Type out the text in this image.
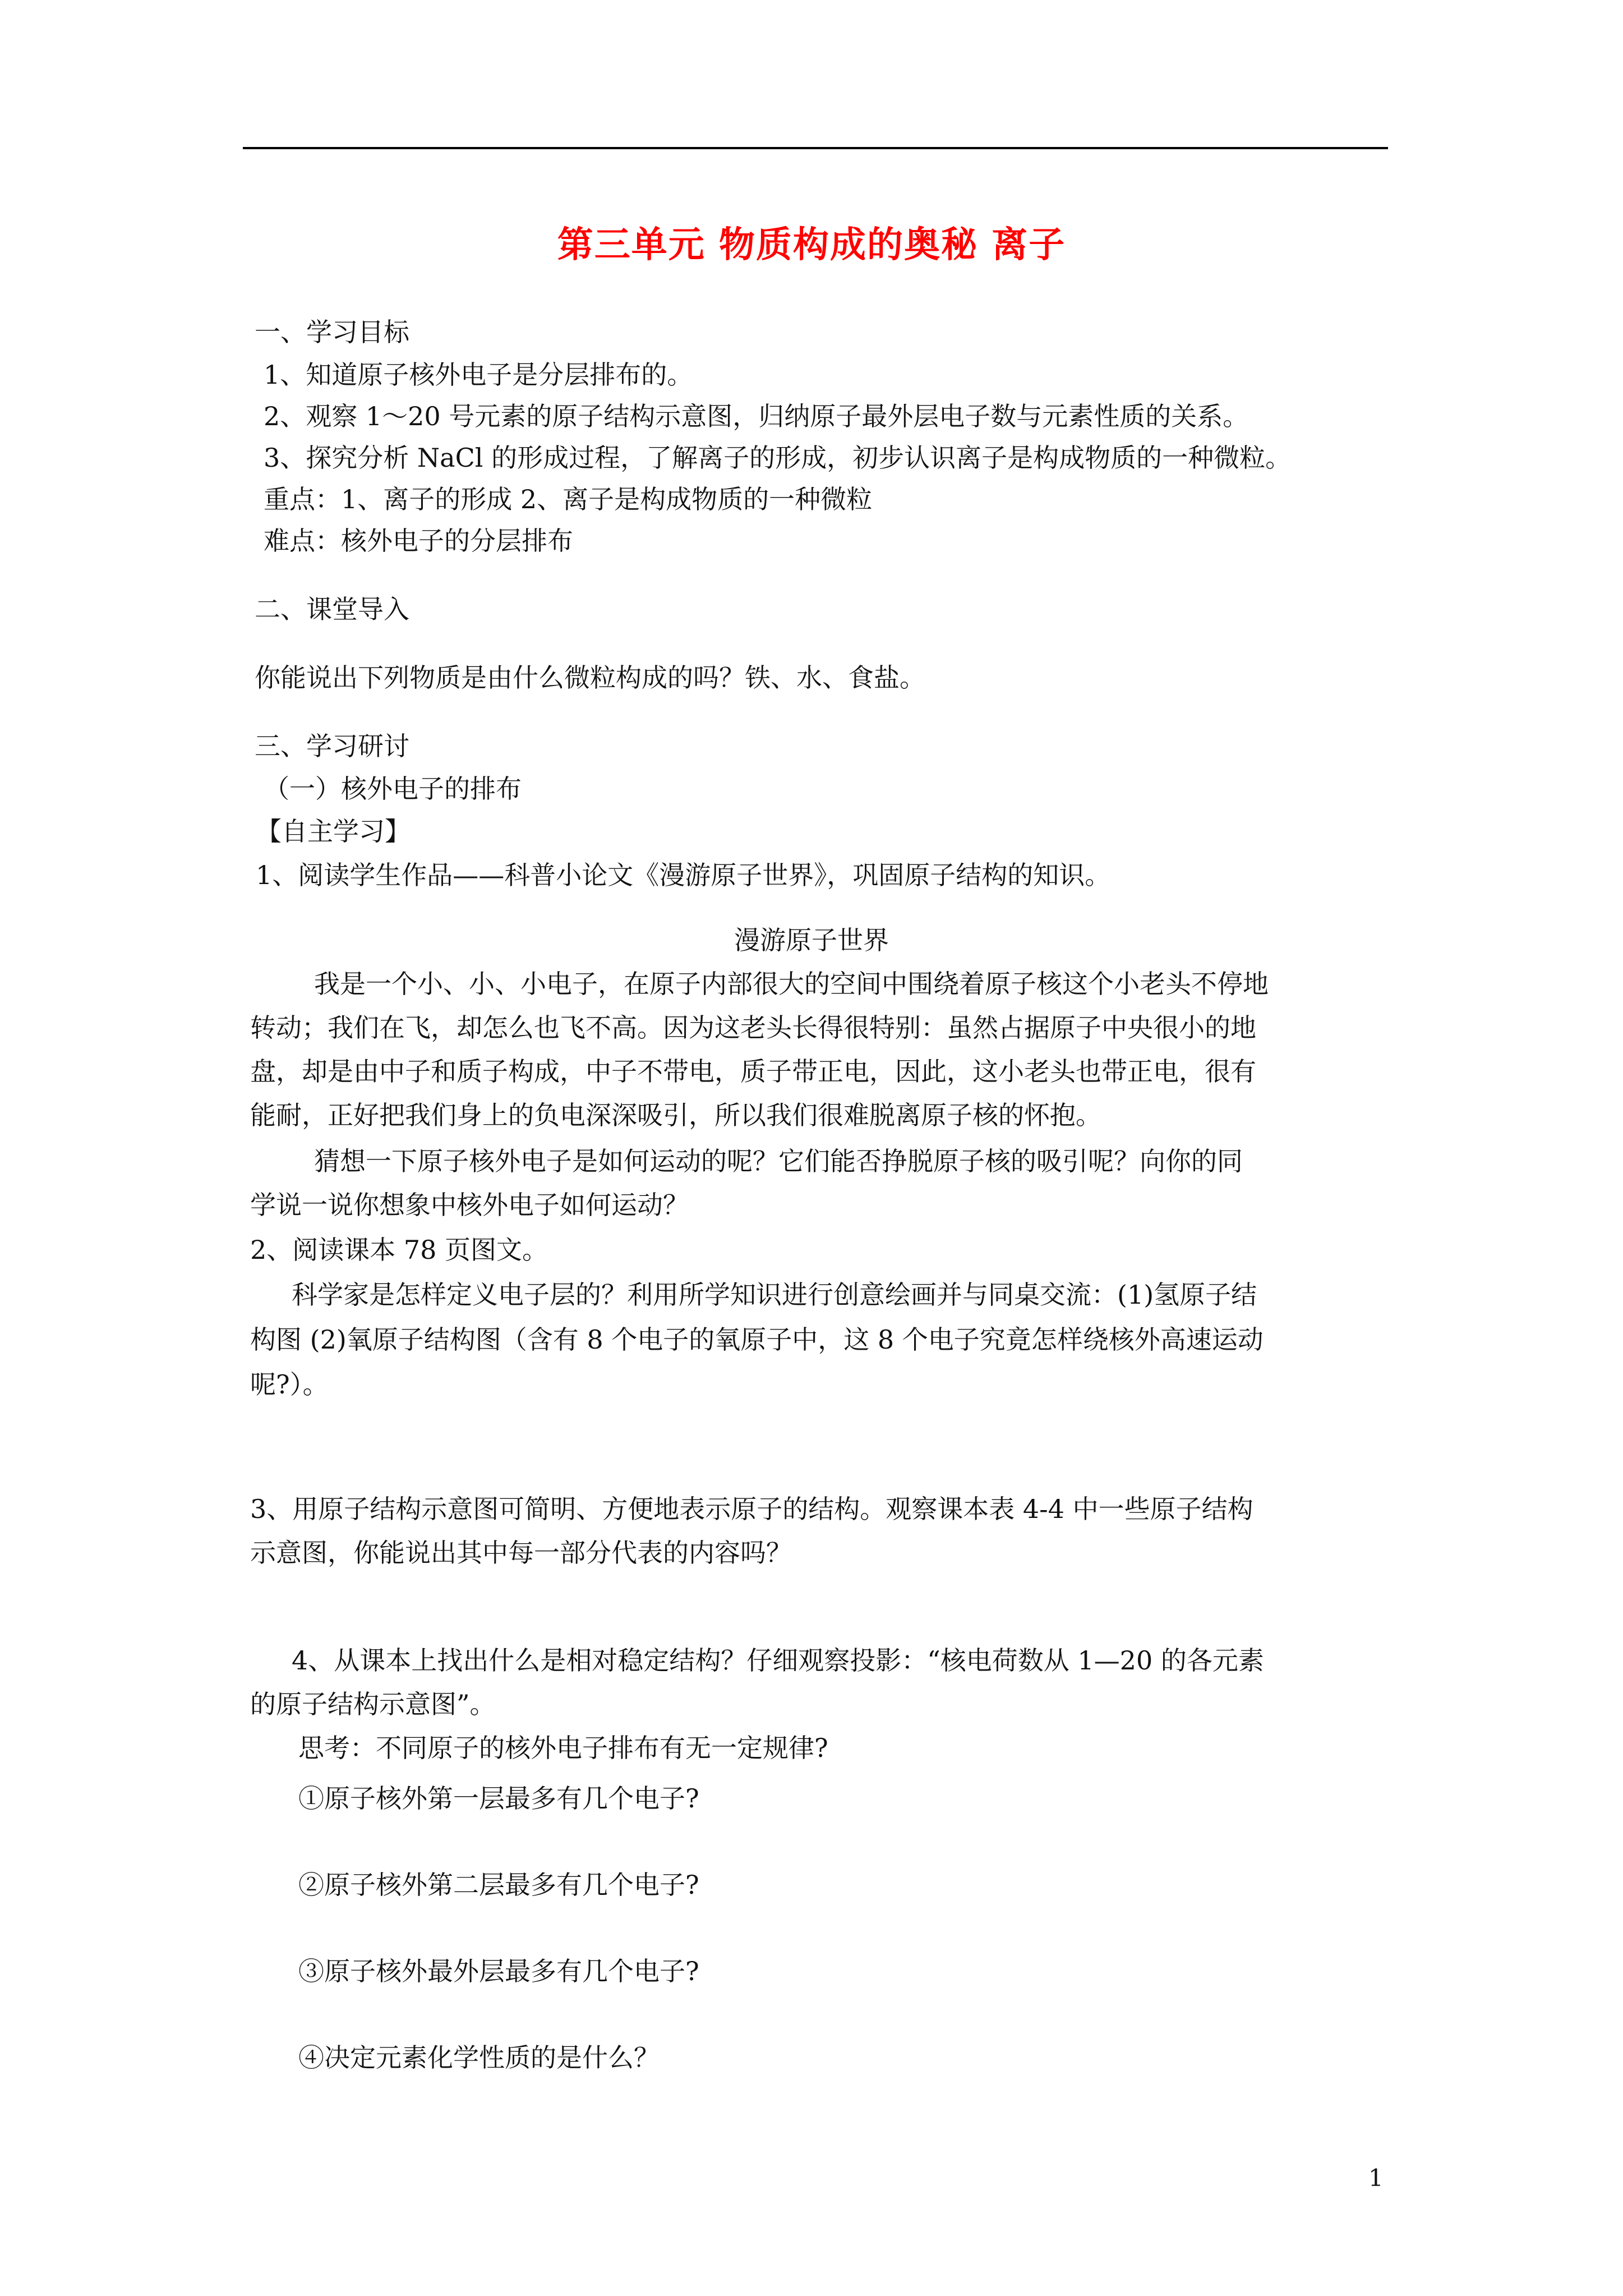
第三单元 物质构成的奥秘 离子
一、学习目标
1、知道原子核外电子是分层排布的。
2、观察 1～20 号元素的原子结构示意图，归纳原子最外层电子数与元素性质的关系。
3、探究分析 NaCl 的形成过程，了解离子的形成，初步认识离子是构成物质的一种微粒。
重点：1、离子的形成 2、离子是构成物质的一种微粒
难点：核外电子的分层排布
二、课堂导入
你能说出下列物质是由什么微粒构成的吗？铁、水、食盐。
三、学习研讨
（一）核外电子的排布
【自主学习】
1、阅读学生作品——科普小论文《漫游原子世界》，巩固原子结构的知识。
漫游原子世界
我是一个小、小、小电子，在原子内部很大的空间中围绕着原子核这个小老头不停地
转动；我们在飞，却怎么也飞不高。因为这老头长得很特别：虽然占据原子中央很小的地
盘，却是由中子和质子构成，中子不带电，质子带正电，因此，这小老头也带正电，很有
能耐，正好把我们身上的负电深深吸引，所以我们很难脱离原子核的怀抱。
猜想一下原子核外电子是如何运动的呢？它们能否挣脱原子核的吸引呢？向你的同
学说一说你想象中核外电子如何运动？
2、阅读课本 78 页图文。
科学家是怎样定义电子层的？利用所学知识进行创意绘画并与同桌交流：(1)氢原子结
构图 (2)氧原子结构图（含有 8 个电子的氧原子中，这 8 个电子究竟怎样绕核外高速运动
呢?）。
3、用原子结构示意图可简明、方便地表示原子的结构。观察课本表 4-4 中一些原子结构
示意图，你能说出其中每一部分代表的内容吗？
4、从课本上找出什么是相对稳定结构？仔细观察投影：“核电荷数从 1—20 的各元素
的原子结构示意图”。
思考：不同原子的核外电子排布有无一定规律?
①原子核外第一层最多有几个电子?
②原子核外第二层最多有几个电子?
③原子核外最外层最多有几个电子?
④决定元素化学性质的是什么？
1
